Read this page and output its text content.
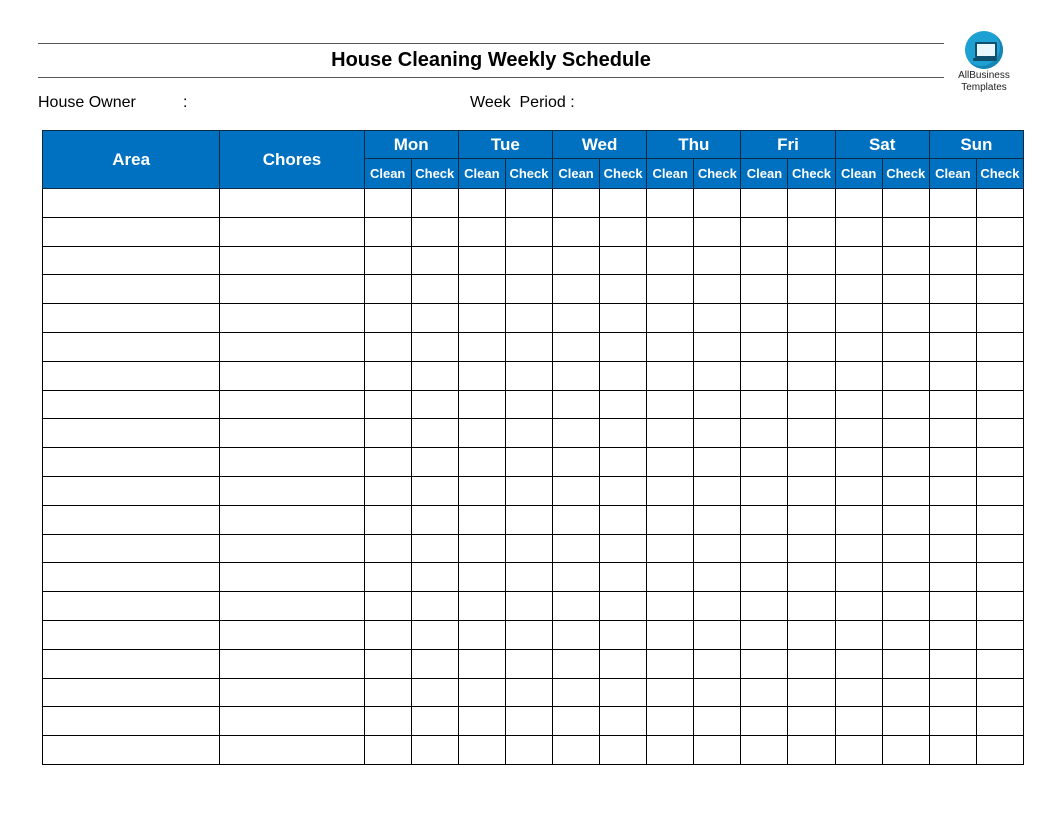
House Cleaning Weekly Schedule
AllBusiness
Templates
House Owner	:	Week  Period :
Area	Chores	Mon		Tue		Wed		Thu		Fri		Sat		Sun	
		Clean	Check	Clean	Check	Clean	Check	Clean	Check	Clean	Check	Clean	Check	Clean	Check
